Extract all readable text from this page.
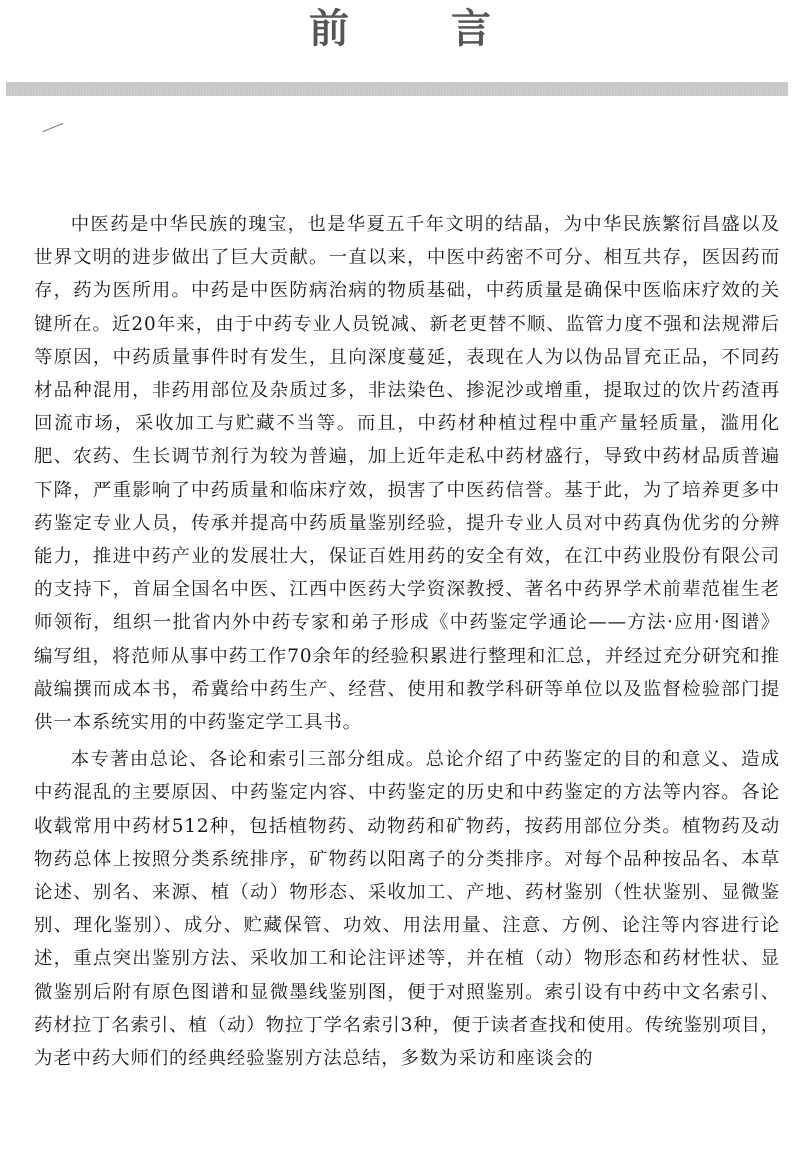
前 言

中医药是中华民族的瑰宝，也是华夏五千年文明的结晶，为中华民族繁衍昌盛以及世界文明的进步做出了巨大贡献。一直以来，中医中药密不可分、相互共存，医因药而存，药为医所用。中药是中医防病治病的物质基础，中药质量是确保中医临床疗效的关键所在。近20年来，由于中药专业人员锐减、新老更替不顺、监管力度不强和法规滞后等原因，中药质量事件时有发生，且向深度蔓延，表现在人为以伪品冒充正品，不同药材品种混用，非药用部位及杂质过多，非法染色、掺泥沙或增重，提取过的饮片药渣再回流市场，采收加工与贮藏不当等。而且，中药材种植过程中重产量轻质量，滥用化肥、农药、生长调节剂行为较为普遍，加上近年走私中药材盛行，导致中药材品质普遍下降，严重影响了中药质量和临床疗效，损害了中医药信誉。基于此，为了培养更多中药鉴定专业人员，传承并提高中药质量鉴别经验，提升专业人员对中药真伪优劣的分辨能力，推进中药产业的发展壮大，保证百姓用药的安全有效，在江中药业股份有限公司的支持下，首届全国名中医、江西中医药大学资深教授、著名中药界学术前辈范崔生老师领衔，组织一批省内外中药专家和弟子形成《中药鉴定学通论——方法·应用·图谱》编写组，将范师从事中药工作70余年的经验积累进行整理和汇总，并经过充分研究和推敲编撰而成本书，希冀给中药生产、经营、使用和教学科研等单位以及监督检验部门提供一本系统实用的中药鉴定学工具书。

本专著由总论、各论和索引三部分组成。总论介绍了中药鉴定的目的和意义、造成中药混乱的主要原因、中药鉴定内容、中药鉴定的历史和中药鉴定的方法等内容。各论收载常用中药材512种，包括植物药、动物药和矿物药，按药用部位分类。植物药及动物药总体上按照分类系统排序，矿物药以阳离子的分类排序。对每个品种按品名、本草论述、别名、来源、植（动）物形态、采收加工、产地、药材鉴别（性状鉴别、显微鉴别、理化鉴别）、成分、贮藏保管、功效、用法用量、注意、方例、论注等内容进行论述，重点突出鉴别方法、采收加工和论注评述等，并在植（动）物形态和药材性状、显微鉴别后附有原色图谱和显微墨线鉴别图，便于对照鉴别。索引设有中药中文名索引、药材拉丁名索引、植（动）物拉丁学名索引3种，便于读者查找和使用。传统鉴别项目，为老中药大师们的经典经验鉴别方法总结，多数为采访和座谈会的
